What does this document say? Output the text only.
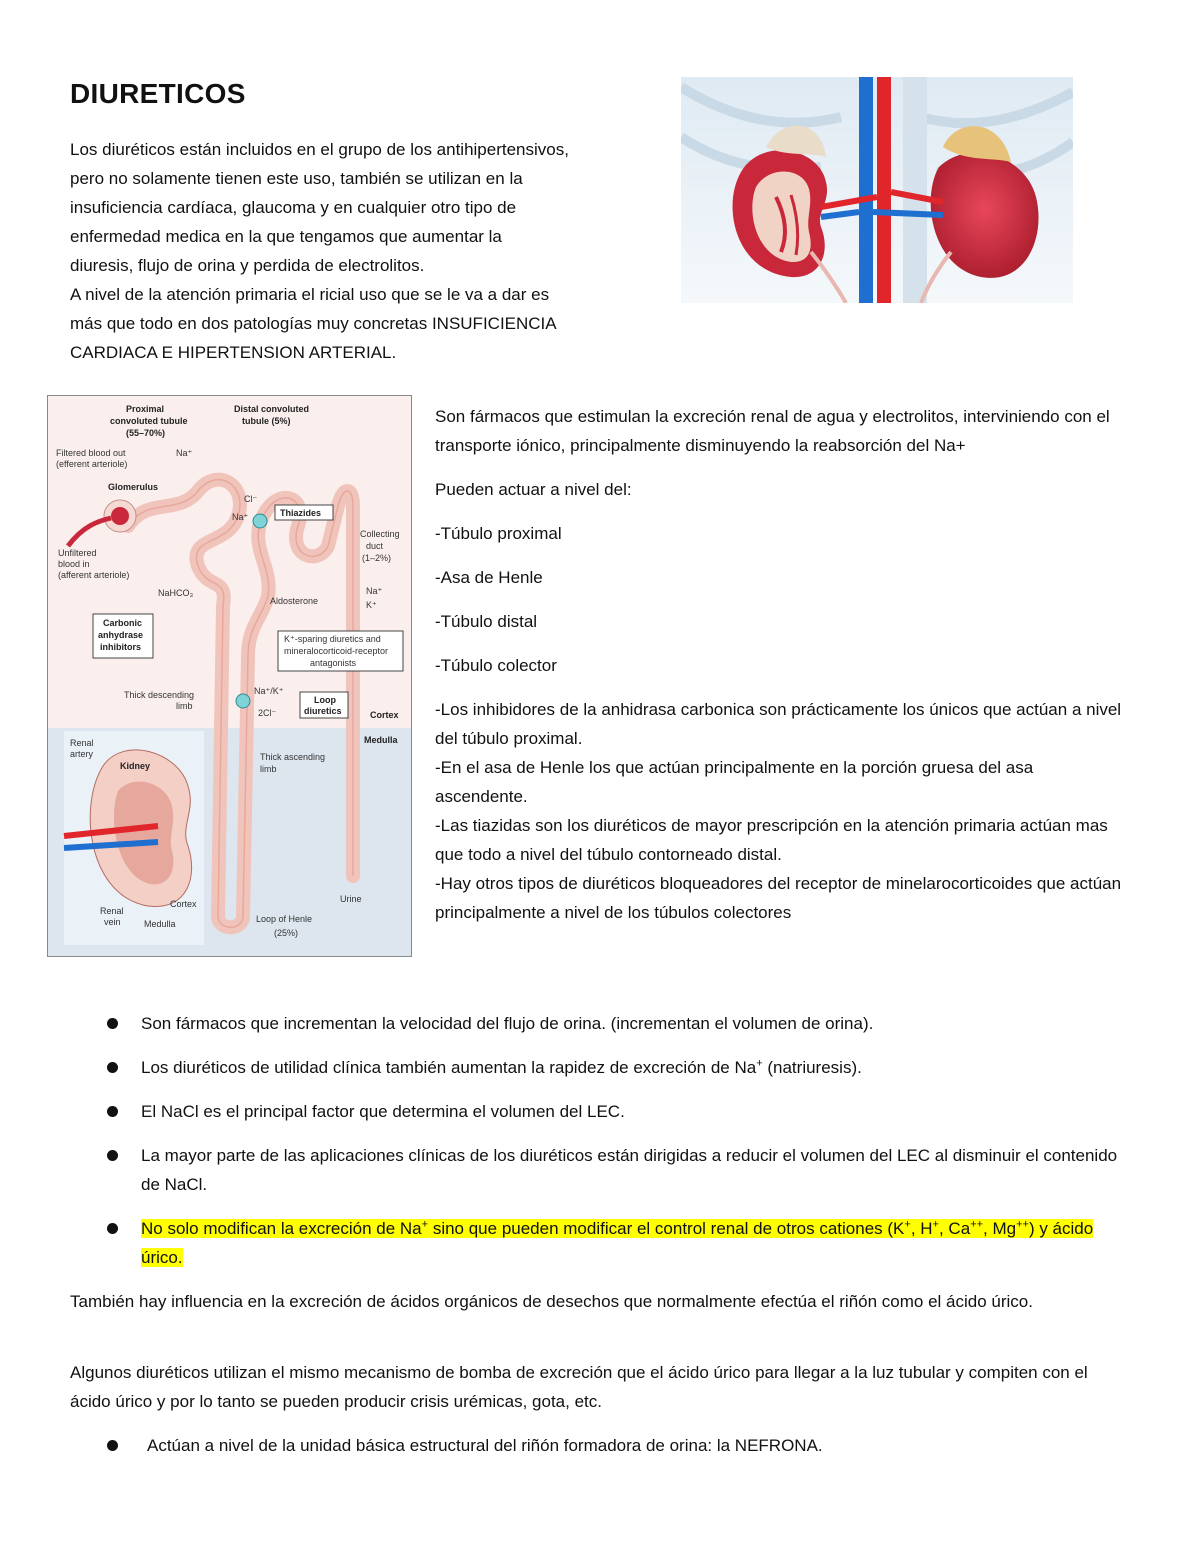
DIURETICOS
Los diuréticos están incluidos en el grupo de los antihipertensivos,
pero no solamente tienen este uso, también se utilizan en la
insuficiencia cardíaca, glaucoma y en cualquier otro tipo de
enfermedad medica en la que tengamos que aumentar la
diuresis, flujo de orina y perdida de electrolitos.
A nivel de la atención primaria el ricial uso que se le va a dar es
más que todo en dos patologías muy concretas INSUFICIENCIA
CARDIACA E HIPERTENSION ARTERIAL.
Proximal
convoluted tubule
(55–70%)
Distal convoluted
tubule (5%)
Filtered blood out
(efferent arteriole)
Glomerulus
Unfiltered
blood in
(afferent arteriole)
Na⁺
Cl⁻
Na⁺	Thiazides
Collecting
duct
(1–2%)
NaHCO₃
Aldosterone
Na⁺
K⁺
Carbonic
anhydrase
inhibitors
K⁺-sparing diuretics and
mineralocorticoid-receptor
antagonists
Thick descending
limb
Na⁺/K⁺
2Cl⁻
Loop
diuretics	Cortex
Medulla
Renal
artery
Kidney
Thick ascending
limb
Renal
vein
Cortex
Medulla
Urine
Loop of Henle
(25%)

Son fármacos que estimulan la excreción renal de agua y electrolitos, interviniendo con el transporte iónico, principalmente disminuyendo la reabsorción del Na+

Pueden actuar a nivel del:

-Túbulo proximal

-Asa de Henle

-Túbulo distal

-Túbulo colector

-Los inhibidores de la anhidrasa carbonica son prácticamente los únicos que actúan a nivel del túbulo proximal.

-En el asa de Henle los que actúan principalmente en la porción gruesa del asa ascendente.

-Las tiazidas son los diuréticos de mayor prescripción en la atención primaria actúan mas que todo a nivel del túbulo contorneado distal.

-Hay otros tipos de diuréticos bloqueadores del receptor de minelarocorticoides que actúan principalmente a nivel de los túbulos colectores

Son fármacos que incrementan la velocidad del flujo de orina. (incrementan el volumen de orina).
Los diuréticos de utilidad clínica también aumentan la rapidez de excreción de Na+ (natriuresis).
El NaCl es el principal factor que determina el volumen del LEC.
La mayor parte de las aplicaciones clínicas de los diuréticos están dirigidas a reducir el volumen del LEC al disminuir el contenido de NaCl.
No solo modifican la excreción de Na+ sino que pueden modificar el control renal de otros cationes (K+, H+, Ca++, Mg++) y ácido úrico.
También hay influencia en la excreción de ácidos orgánicos de desechos que normalmente efectúa el riñón como el ácido úrico.
Algunos diuréticos utilizan el mismo mecanismo de bomba de excreción que el ácido úrico para llegar a la luz tubular y compiten con el ácido úrico y por lo tanto se pueden producir crisis urémicas, gota, etc.
Actúan a nivel de la unidad básica estructural del riñón formadora de orina: la NEFRONA.
